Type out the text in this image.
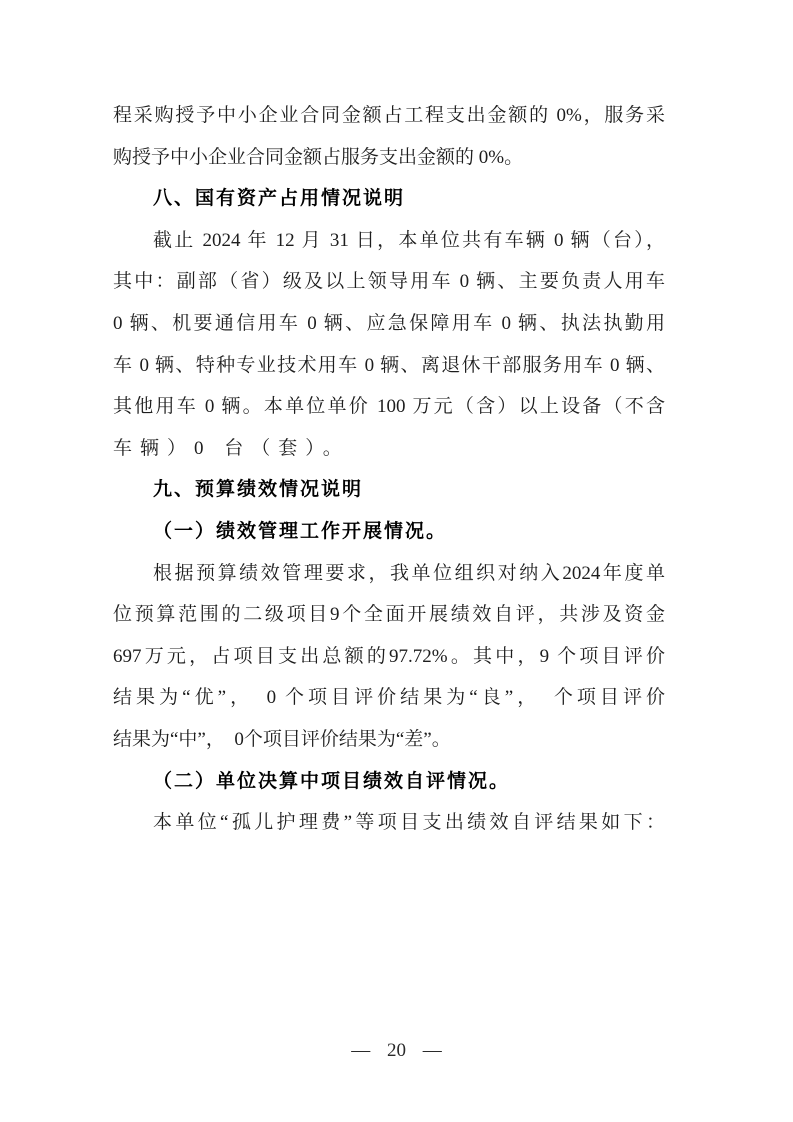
程采购授予中小企业合同金额占工程支出金额的 0%，服务采
购授予中小企业合同金额占服务支出金额的 0%。
八、国有资产占用情况说明
截止 2024 年 12 月 31 日，本单位共有车辆 0 辆（台），
其中：副部（省）级及以上领导用车 0 辆、主要负责人用车
0 辆、机要通信用车 0 辆、应急保障用车 0 辆、执法执勤用
车 0 辆、特种专业技术用车 0 辆、离退休干部服务用车 0 辆、
其他用车 0 辆。本单位单价 100 万元（含）以上设备（不含
车辆）0 台（套）。
九、预算绩效情况说明
（一）绩效管理工作开展情况。
根据预算绩效管理要求，我单位组织对纳入2024年度单
位预算范围的二级项目9个全面开展绩效自评，共涉及资金
697万元，占项目支出总额的97.72%。其中，9 个项目评价
结果为“优”，　0 个项目评价结果为“良”，　个项目评价
结果为“中”，　0个项目评价结果为“差”。
（二）单位决算中项目绩效自评情况。
本单位“孤儿护理费”等项目支出绩效自评结果如下：
— 20 —
